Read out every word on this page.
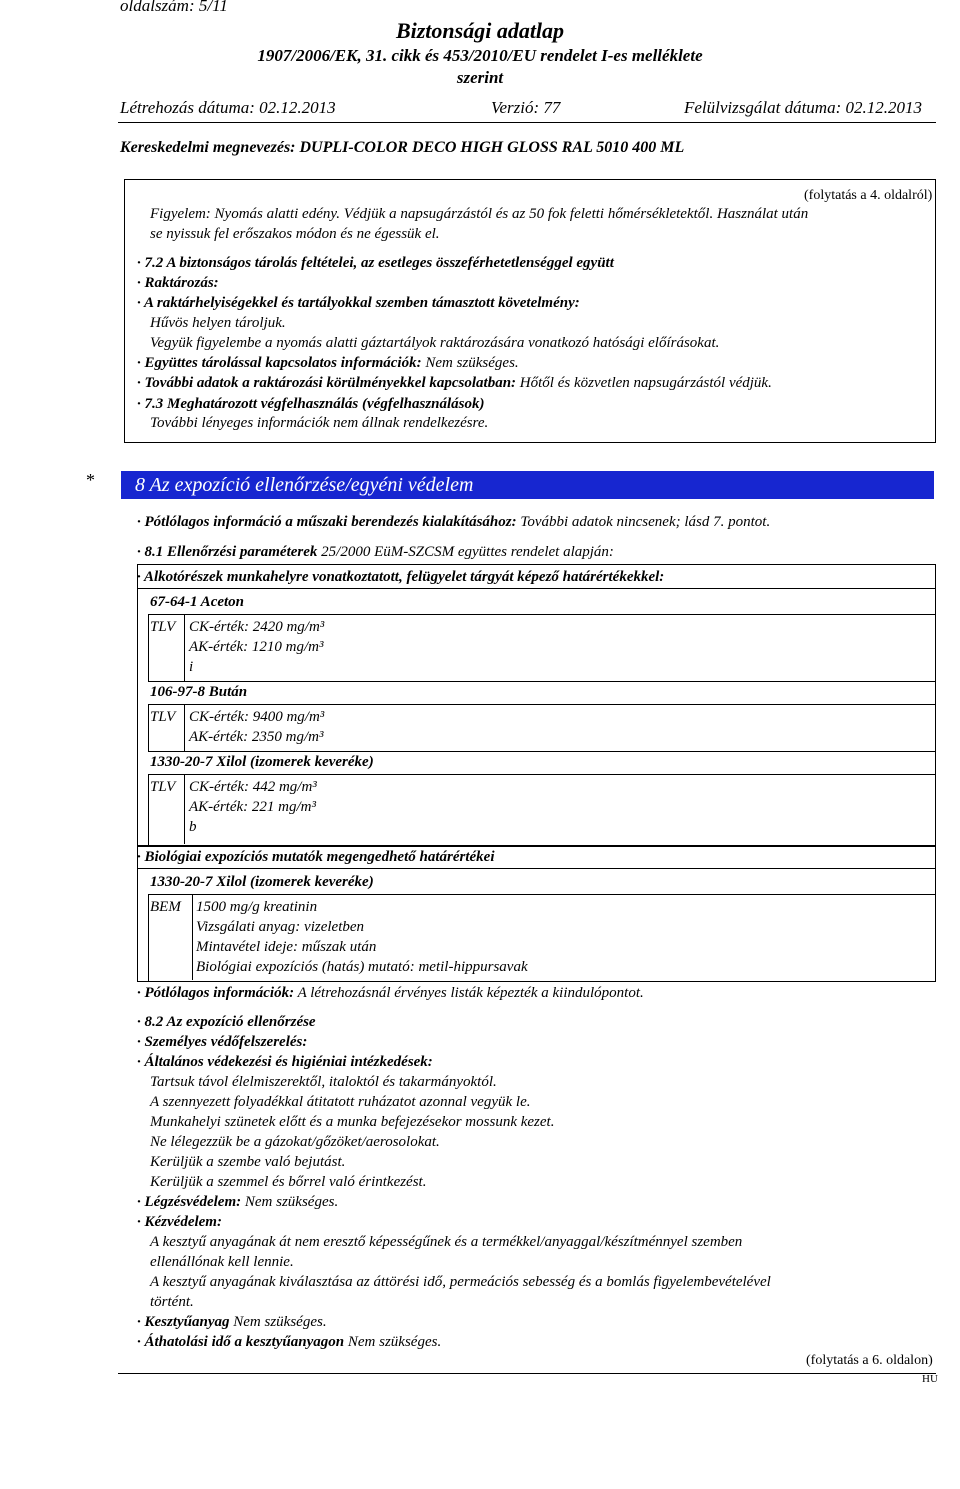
oldalszám: 5/11
Biztonsági adatlap
1907/2006/EK, 31. cikk és 453/2010/EU rendelet I-es melléklete
szerint
Létrehozás dátuma: 02.12.2013	Verzió: 77	Felülvizsgálat dátuma: 02.12.2013
Kereskedelmi megnevezés: DUPLI-COLOR DECO HIGH GLOSS RAL 5010 400 ML
(folytatás a 4. oldalról)
Figyelem: Nyomás alatti edény. Védjük a napsugárzástól és az 50 fok feletti hőmérsékletektől. Használat után
se nyissuk fel erőszakos módon és ne égessük el.
· 7.2 A biztonságos tárolás feltételei, az esetleges összeférhetetlenséggel együtt
· Raktározás:
· A raktárhelyiségekkel és tartályokkal szemben támasztott követelmény:
Hűvös helyen tároljuk.
Vegyük figyelembe a nyomás alatti gáztartályok raktározására vonatkozó hatósági előírásokat.
· Együttes tárolással kapcsolatos információk: Nem szükséges.
· További adatok a raktározási körülményekkel kapcsolatban: Hőtől és közvetlen napsugárzástól védjük.
· 7.3 Meghatározott végfelhasználás (végfelhasználások)
További lényeges információk nem állnak rendelkezésre.
*	8 Az expozíció ellenőrzése/egyéni védelem
· Pótlólagos információ a műszaki berendezés kialakításához: További adatok nincsenek; lásd 7. pontot.
· 8.1 Ellenőrzési paraméterek 25/2000 EüM-SZCSM együttes rendelet alapján:
· Alkotórészek munkahelyre vonatkoztatott, felügyelet tárgyát képező határértékekkel:
67-64-1 Aceton
TLV CK-érték: 2420 mg/m³
AK-érték: 1210 mg/m³
i
106-97-8 Bután
TLV CK-érték: 9400 mg/m³
AK-érték: 2350 mg/m³
1330-20-7 Xilol (izomerek keveréke)
TLV CK-érték: 442 mg/m³
AK-érték: 221 mg/m³
b
· Biológiai expozíciós mutatók megengedhető határértékei
1330-20-7 Xilol (izomerek keveréke)
BEM 1500 mg/g kreatinin
Vizsgálati anyag: vizeletben
Mintavétel ideje: műszak után
Biológiai expozíciós (hatás) mutató: metil-hippursavak
· Pótlólagos információk: A létrehozásnál érvényes listák képezték a kiindulópontot.
· 8.2 Az expozíció ellenőrzése
· Személyes védőfelszerelés:
· Általános védekezési és higiéniai intézkedések:
Tartsuk távol élelmiszerektől, italoktól és takarmányoktól.
A szennyezett folyadékkal átitatott ruházatot azonnal vegyük le.
Munkahelyi szünetek előtt és a munka befejezésekor mossunk kezet.
Ne lélegezzük be a gázokat/gőzöket/aerosolokat.
Kerüljük a szembe való bejutást.
Kerüljük a szemmel és bőrrel való érintkezést.
· Légzésvédelem: Nem szükséges.
· Kézvédelem:
A kesztyű anyagának át nem eresztő képességűnek és a termékkel/anyaggal/készítménnyel szemben
ellenállónak kell lennie.
A kesztyű anyagának kiválasztása az áttörési idő, permeációs sebesség és a bomlás figyelembevételével
történt.
· Kesztyűanyag Nem szükséges.
· Áthatolási idő a kesztyűanyagon Nem szükséges.
(folytatás a 6. oldalon)
HU
